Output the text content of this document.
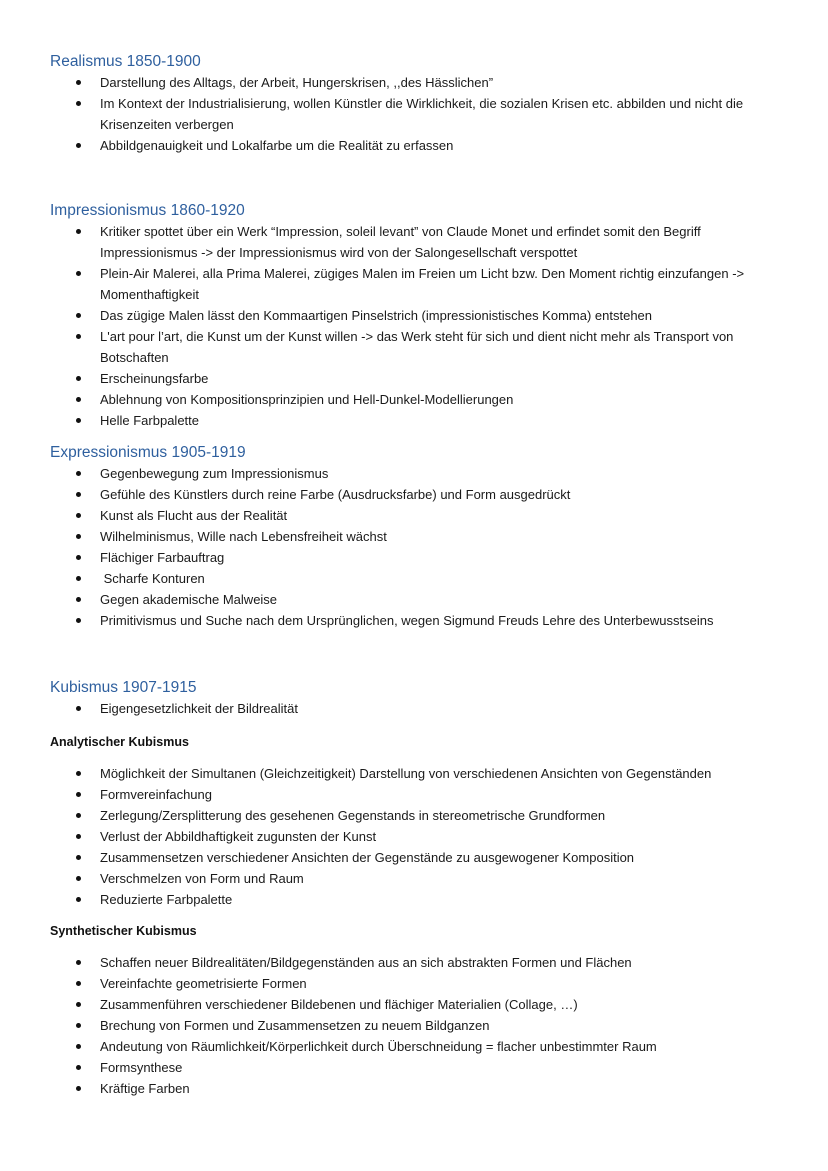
Realismus 1850-1900
Darstellung des Alltags, der Arbeit, Hungerskrisen, ,,des Hässlichen”
Im Kontext der Industrialisierung, wollen Künstler die Wirklichkeit, die sozialen Krisen etc. abbilden und nicht die Krisenzeiten verbergen
Abbildgenauigkeit und Lokalfarbe um die Realität zu erfassen
Impressionismus 1860-1920
Kritiker spottet über ein Werk “Impression, soleil levant” von Claude Monet und erfindet somit den Begriff Impressionismus -> der Impressionismus wird von der Salongesellschaft verspottet
Plein-Air Malerei, alla Prima Malerei, zügiges Malen im Freien um Licht bzw. Den Moment richtig einzufangen -> Momenthaftigkeit
Das zügige Malen lässt den Kommaartigen Pinselstrich (impressionistisches Komma) entstehen
L'art pour l’art, die Kunst um der Kunst willen -> das Werk steht für sich und dient nicht mehr als Transport von Botschaften
Erscheinungsfarbe
Ablehnung von Kompositionsprinzipien und Hell-Dunkel-Modellierungen
Helle Farbpalette
Expressionismus 1905-1919
Gegenbewegung zum Impressionismus
Gefühle des Künstlers durch reine Farbe (Ausdrucksfarbe) und Form ausgedrückt
Kunst als Flucht aus der Realität
Wilhelminismus, Wille nach Lebensfreiheit wächst
Flächiger Farbauftrag
Scharfe Konturen
Gegen akademische Malweise
Primitivismus und Suche nach dem Ursprünglichen, wegen Sigmund Freuds Lehre des Unterbewusstseins
Kubismus 1907-1915
Eigengesetzlichkeit der Bildrealität
Analytischer Kubismus
Möglichkeit der Simultanen (Gleichzeitigkeit) Darstellung von verschiedenen Ansichten von Gegenständen
Formvereinfachung
Zerlegung/Zersplitterung des gesehenen Gegenstands in stereometrische Grundformen
Verlust der Abbildhaftigkeit zugunsten der Kunst
Zusammensetzen verschiedener Ansichten der Gegenstände zu ausgewogener Komposition
Verschmelzen von Form und Raum
Reduzierte Farbpalette
Synthetischer Kubismus
Schaffen neuer Bildrealitäten/Bildgegenständen aus an sich abstrakten Formen und Flächen
Vereinfachte geometrisierte Formen
Zusammenführen verschiedener Bildebenen und flächiger Materialien (Collage, …)
Brechung von Formen und Zusammensetzen zu neuem Bildganzen
Andeutung von Räumlichkeit/Körperlichkeit durch Überschneidung = flacher unbestimmter Raum
Formsynthese
Kräftige Farben
